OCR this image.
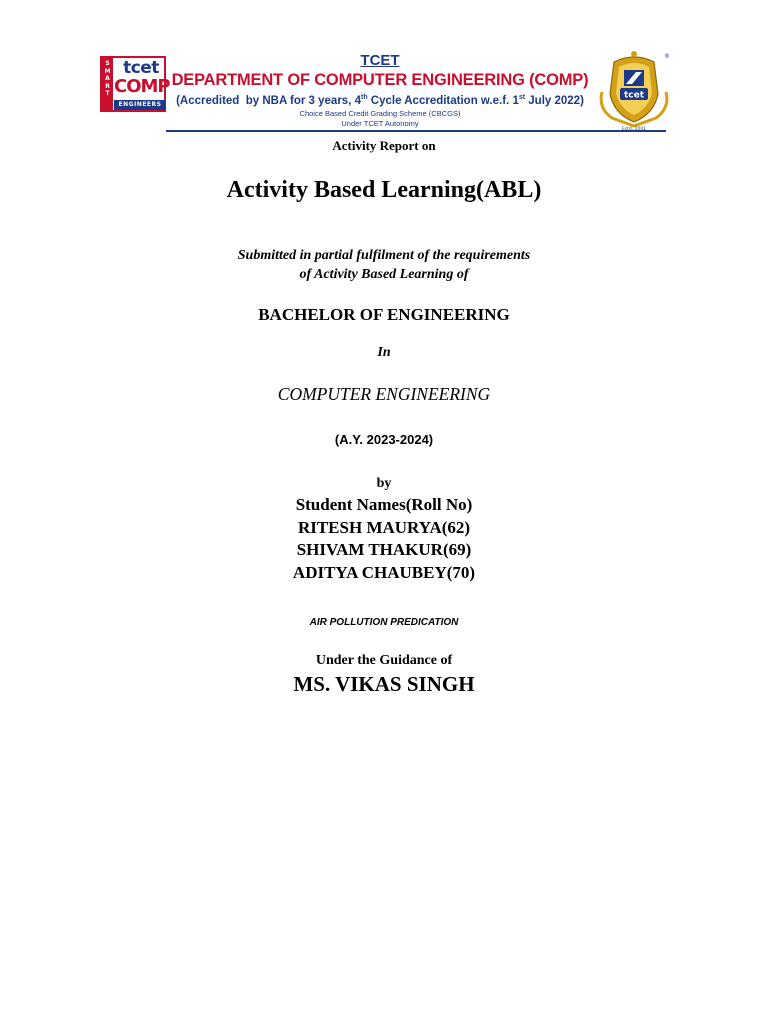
S
M
A
R
T
tcet
COMP
ENGINEERS
TCET
DEPARTMENT OF COMPUTER ENGINEERING (COMP)
(Accredited  by NBA for 3 years, 4th Cycle Accreditation w.e.f. 1st July 2022)
Choice Based Credit Grading Scheme (CBCGS)
Under TCET Autonomy
tcet
®
Activity Report on
Activity Based Learning(ABL)
Submitted in partial fulfilment of the requirements
of Activity Based Learning of
BACHELOR OF ENGINEERING
In
COMPUTER ENGINEERING
(A.Y. 2023-2024)
by
Student Names(Roll No)
RITESH MAURYA(62)
SHIVAM THAKUR(69)
ADITYA CHAUBEY(70)
AIR POLLUTION PREDICATION
Under the Guidance of
MS. VIKAS SINGH
